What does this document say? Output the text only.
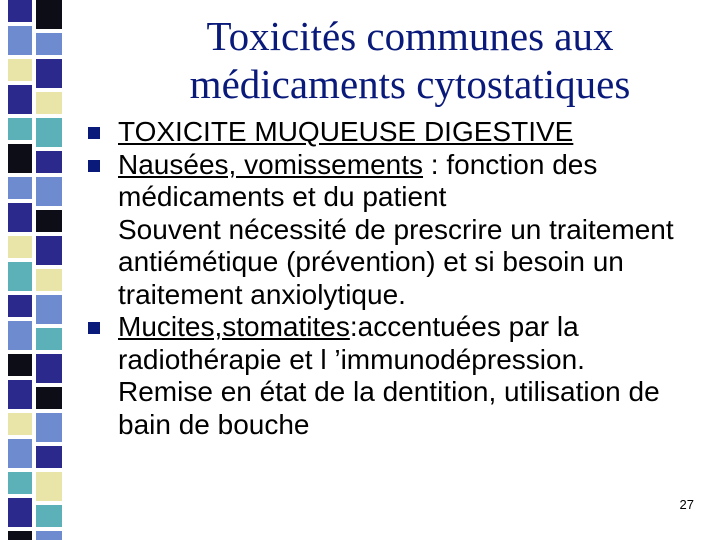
Toxicités communes aux
médicaments cytostatiques
TOXICITE MUQUEUSE DIGESTIVE
Nausées, vomissements : fonction des médicaments et du patient
Souvent nécessité de prescrire un traitement antiémétique (prévention) et si besoin un traitement anxiolytique.
Mucites,stomatites:accentuées par la radiothérapie et l ’immunodépression.
Remise en état de la dentition, utilisation de bain de bouche
27
